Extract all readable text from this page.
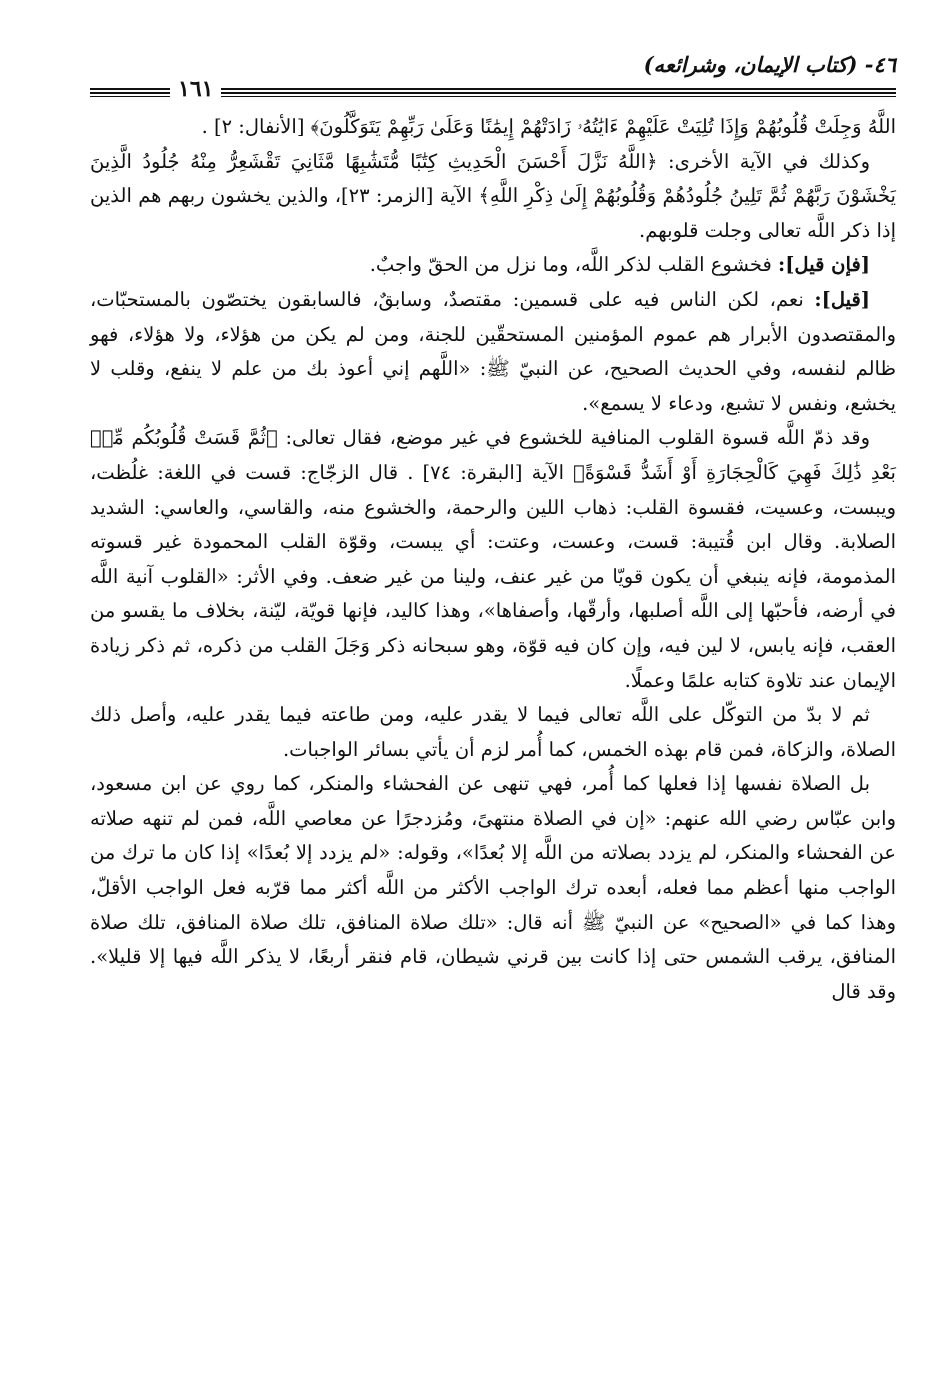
٤٦- (كتاب الإيمان، وشرائعه)
١٦١

اللَّهُ وَجِلَتْ قُلُوبُهُمْ وَإِذَا تُلِيَتْ عَلَيْهِمْ ءَايَٰتُهُۥ زَادَتْهُمْ إِيمَٰنًا وَعَلَىٰ رَبِّهِمْ يَتَوَكَّلُونَ﴾ [الأنفال: ٢] .

وكذلك في الآية الأخرى: ﴿اللَّهُ نَزَّلَ أَحْسَنَ الْحَدِيثِ كِتَٰبًا مُّتَشَٰبِهًا مَّثَانِيَ تَقْشَعِرُّ مِنْهُ جُلُودُ الَّذِينَ يَخْشَوْنَ رَبَّهُمْ ثُمَّ تَلِينُ جُلُودُهُمْ وَقُلُوبُهُمْ إِلَىٰ ذِكْرِ اللَّهِ﴾ الآية [الزمر: ٢٣]، والذين يخشون ربهم هم الذين إذا ذكر اللَّه تعالى وجلت قلوبهم.

[فإن قيل]: فخشوع القلب لذكر اللَّه، وما نزل من الحقّ واجبٌ.

[قيل]: نعم، لكن الناس فيه على قسمين: مقتصدٌ، وسابقٌ، فالسابقون يختصّون بالمستحبّات، والمقتصدون الأبرار هم عموم المؤمنين المستحقّين للجنة، ومن لم يكن من هؤلاء، ولا هؤلاء، فهو ظالم لنفسه، وفي الحديث الصحيح، عن النبيّ ﷺ: «اللَّهم إني أعوذ بك من علم لا ينفع، وقلب لا يخشع، ونفس لا تشبع، ودعاء لا يسمع».

وقد ذمّ اللَّه قسوة القلوب المنافية للخشوع في غير موضع، فقال تعالى: ﴿ثُمَّ قَسَتْ قُلُوبُكُم مِّنۢ بَعْدِ ذَٰلِكَ فَهِيَ كَالْحِجَارَةِ أَوْ أَشَدُّ قَسْوَةً﴾ الآية [البقرة: ٧٤] . قال الزجّاج: قست في اللغة: غلُظت، ويبست، وعسيت، فقسوة القلب: ذهاب اللين والرحمة، والخشوع منه، والقاسي، والعاسي: الشديد الصلابة. وقال ابن قُتيبة: قست، وعست، وعتت: أي يبست، وقوّة القلب المحمودة غير قسوته المذمومة، فإنه ينبغي أن يكون قويّا من غير عنف، ولينا من غير ضعف. وفي الأثر: «القلوب آنية اللَّه في أرضه، فأحبّها إلى اللَّه أصلبها، وأرقّها، وأصفاها»، وهذا كاليد، فإنها قويّة، ليّنة، بخلاف ما يقسو من العقب، فإنه يابس، لا لين فيه، وإن كان فيه قوّة، وهو سبحانه ذكر وَجَلَ القلب من ذكره، ثم ذكر زيادة الإيمان عند تلاوة كتابه علمًا وعملًا.

ثم لا بدّ من التوكّل على اللَّه تعالى فيما لا يقدر عليه، ومن طاعته فيما يقدر عليه، وأصل ذلك الصلاة، والزكاة، فمن قام بهذه الخمس، كما أُمر لزم أن يأتي بسائر الواجبات.

بل الصلاة نفسها إذا فعلها كما أُمر، فهي تنهى عن الفحشاء والمنكر، كما روي عن ابن مسعود، وابن عبّاس رضي الله عنهم: «إن في الصلاة منتهىً، ومُزدجرًا عن معاصي اللَّه، فمن لم تنهه صلاته عن الفحشاء والمنكر، لم يزدد بصلاته من اللَّه إلا بُعدًا»، وقوله: «لم يزدد إلا بُعدًا» إذا كان ما ترك من الواجب منها أعظم مما فعله، أبعده ترك الواجب الأكثر من اللَّه أكثر مما قرّبه فعل الواجب الأقلّ، وهذا كما في «الصحيح» عن النبيّ ﷺ أنه قال: «تلك صلاة المنافق، تلك صلاة المنافق، تلك صلاة المنافق، يرقب الشمس حتى إذا كانت بين قرني شيطان، قام فنقر أربعًا، لا يذكر اللَّه فيها إلا قليلا». وقد قال
